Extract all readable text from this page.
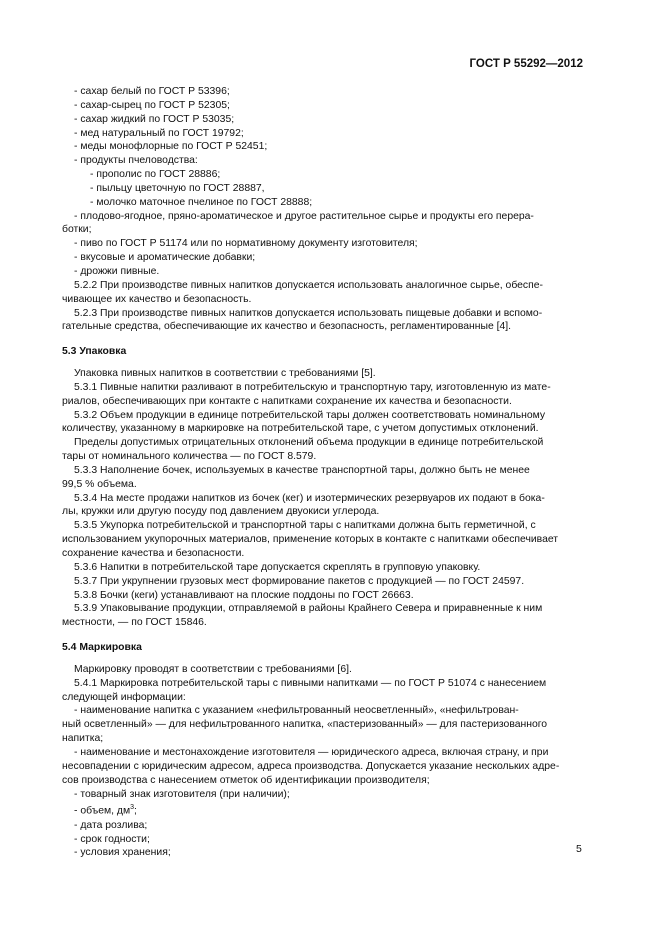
ГОСТ Р 55292—2012
- сахар белый по ГОСТ Р 53396;
- сахар-сырец по ГОСТ Р 52305;
- сахар жидкий по ГОСТ Р 53035;
- мед натуральный по ГОСТ 19792;
- меды монофлорные по ГОСТ Р 52451;
- продукты пчеловодства:
- прополис по ГОСТ 28886;
- пыльцу цветочную по ГОСТ 28887,
- молочко маточное пчелиное по ГОСТ 28888;
- плодово-ягодное, пряно-ароматическое и другое растительное сырье и продукты его перера-
ботки;
- пиво по ГОСТ Р 51174 или по нормативному документу изготовителя;
- вкусовые и ароматические добавки;
- дрожжи пивные.
5.2.2 При производстве пивных напитков допускается использовать аналогичное сырье, обеспе-
чивающее их качество и безопасность.
5.2.3 При производстве пивных напитков допускается использовать пищевые добавки и вспомо-
гательные средства, обеспечивающие их качество и безопасность, регламентированные [4].
5.3 Упаковка
Упаковка пивных напитков в соответствии с требованиями [5].
5.3.1 Пивные напитки разливают в потребительскую и транспортную тару, изготовленную из мате-
риалов, обеспечивающих при контакте с напитками сохранение их качества и безопасности.
5.3.2 Объем продукции в единице потребительской тары должен соответствовать номинальному
количеству, указанному в маркировке на потребительской таре, с учетом допустимых отклонений.
Пределы допустимых отрицательных отклонений объема продукции в единице потребительской
тары от номинального количества — по ГОСТ 8.579.
5.3.3 Наполнение бочек, используемых в качестве транспортной тары, должно быть не менее
99,5 % объема.
5.3.4 На месте продажи напитков из бочек (кег) и изотермических резервуаров их подают в бока-
лы, кружки или другую посуду под давлением двуокиси углерода.
5.3.5 Укупорка потребительской и транспортной тары с напитками должна быть герметичной, с
использованием укупорочных материалов, применение которых в контакте с напитками обеспечивает
сохранение качества и безопасности.
5.3.6 Напитки в потребительской таре допускается скреплять в групповую упаковку.
5.3.7 При укрупнении грузовых мест формирование пакетов с продукцией — по ГОСТ 24597.
5.3.8 Бочки (кеги) устанавливают на плоские поддоны по ГОСТ 26663.
5.3.9 Упаковывание продукции, отправляемой в районы Крайнего Севера и приравненные к ним
местности, — по ГОСТ 15846.
5.4 Маркировка
Маркировку проводят в соответствии с требованиями [6].
5.4.1 Маркировка потребительской тары с пивными напитками — по ГОСТ Р 51074 с нанесением
следующей информации:
- наименование напитка с указанием «нефильтрованный неосветленный», «нефильтрован-
ный осветленный» — для нефильтрованного напитка, «пастеризованный» — для пастеризованного
напитка;
- наименование и местонахождение изготовителя — юридического адреса, включая страну, и при
несовпадении с юридическим адресом, адреса производства. Допускается указание нескольких адре-
сов производства с нанесением отметок об идентификации производителя;
- товарный знак изготовителя (при наличии);
- объем, $дм^3$;
- дата розлива;
- срок годности;
- условия хранения;	5
